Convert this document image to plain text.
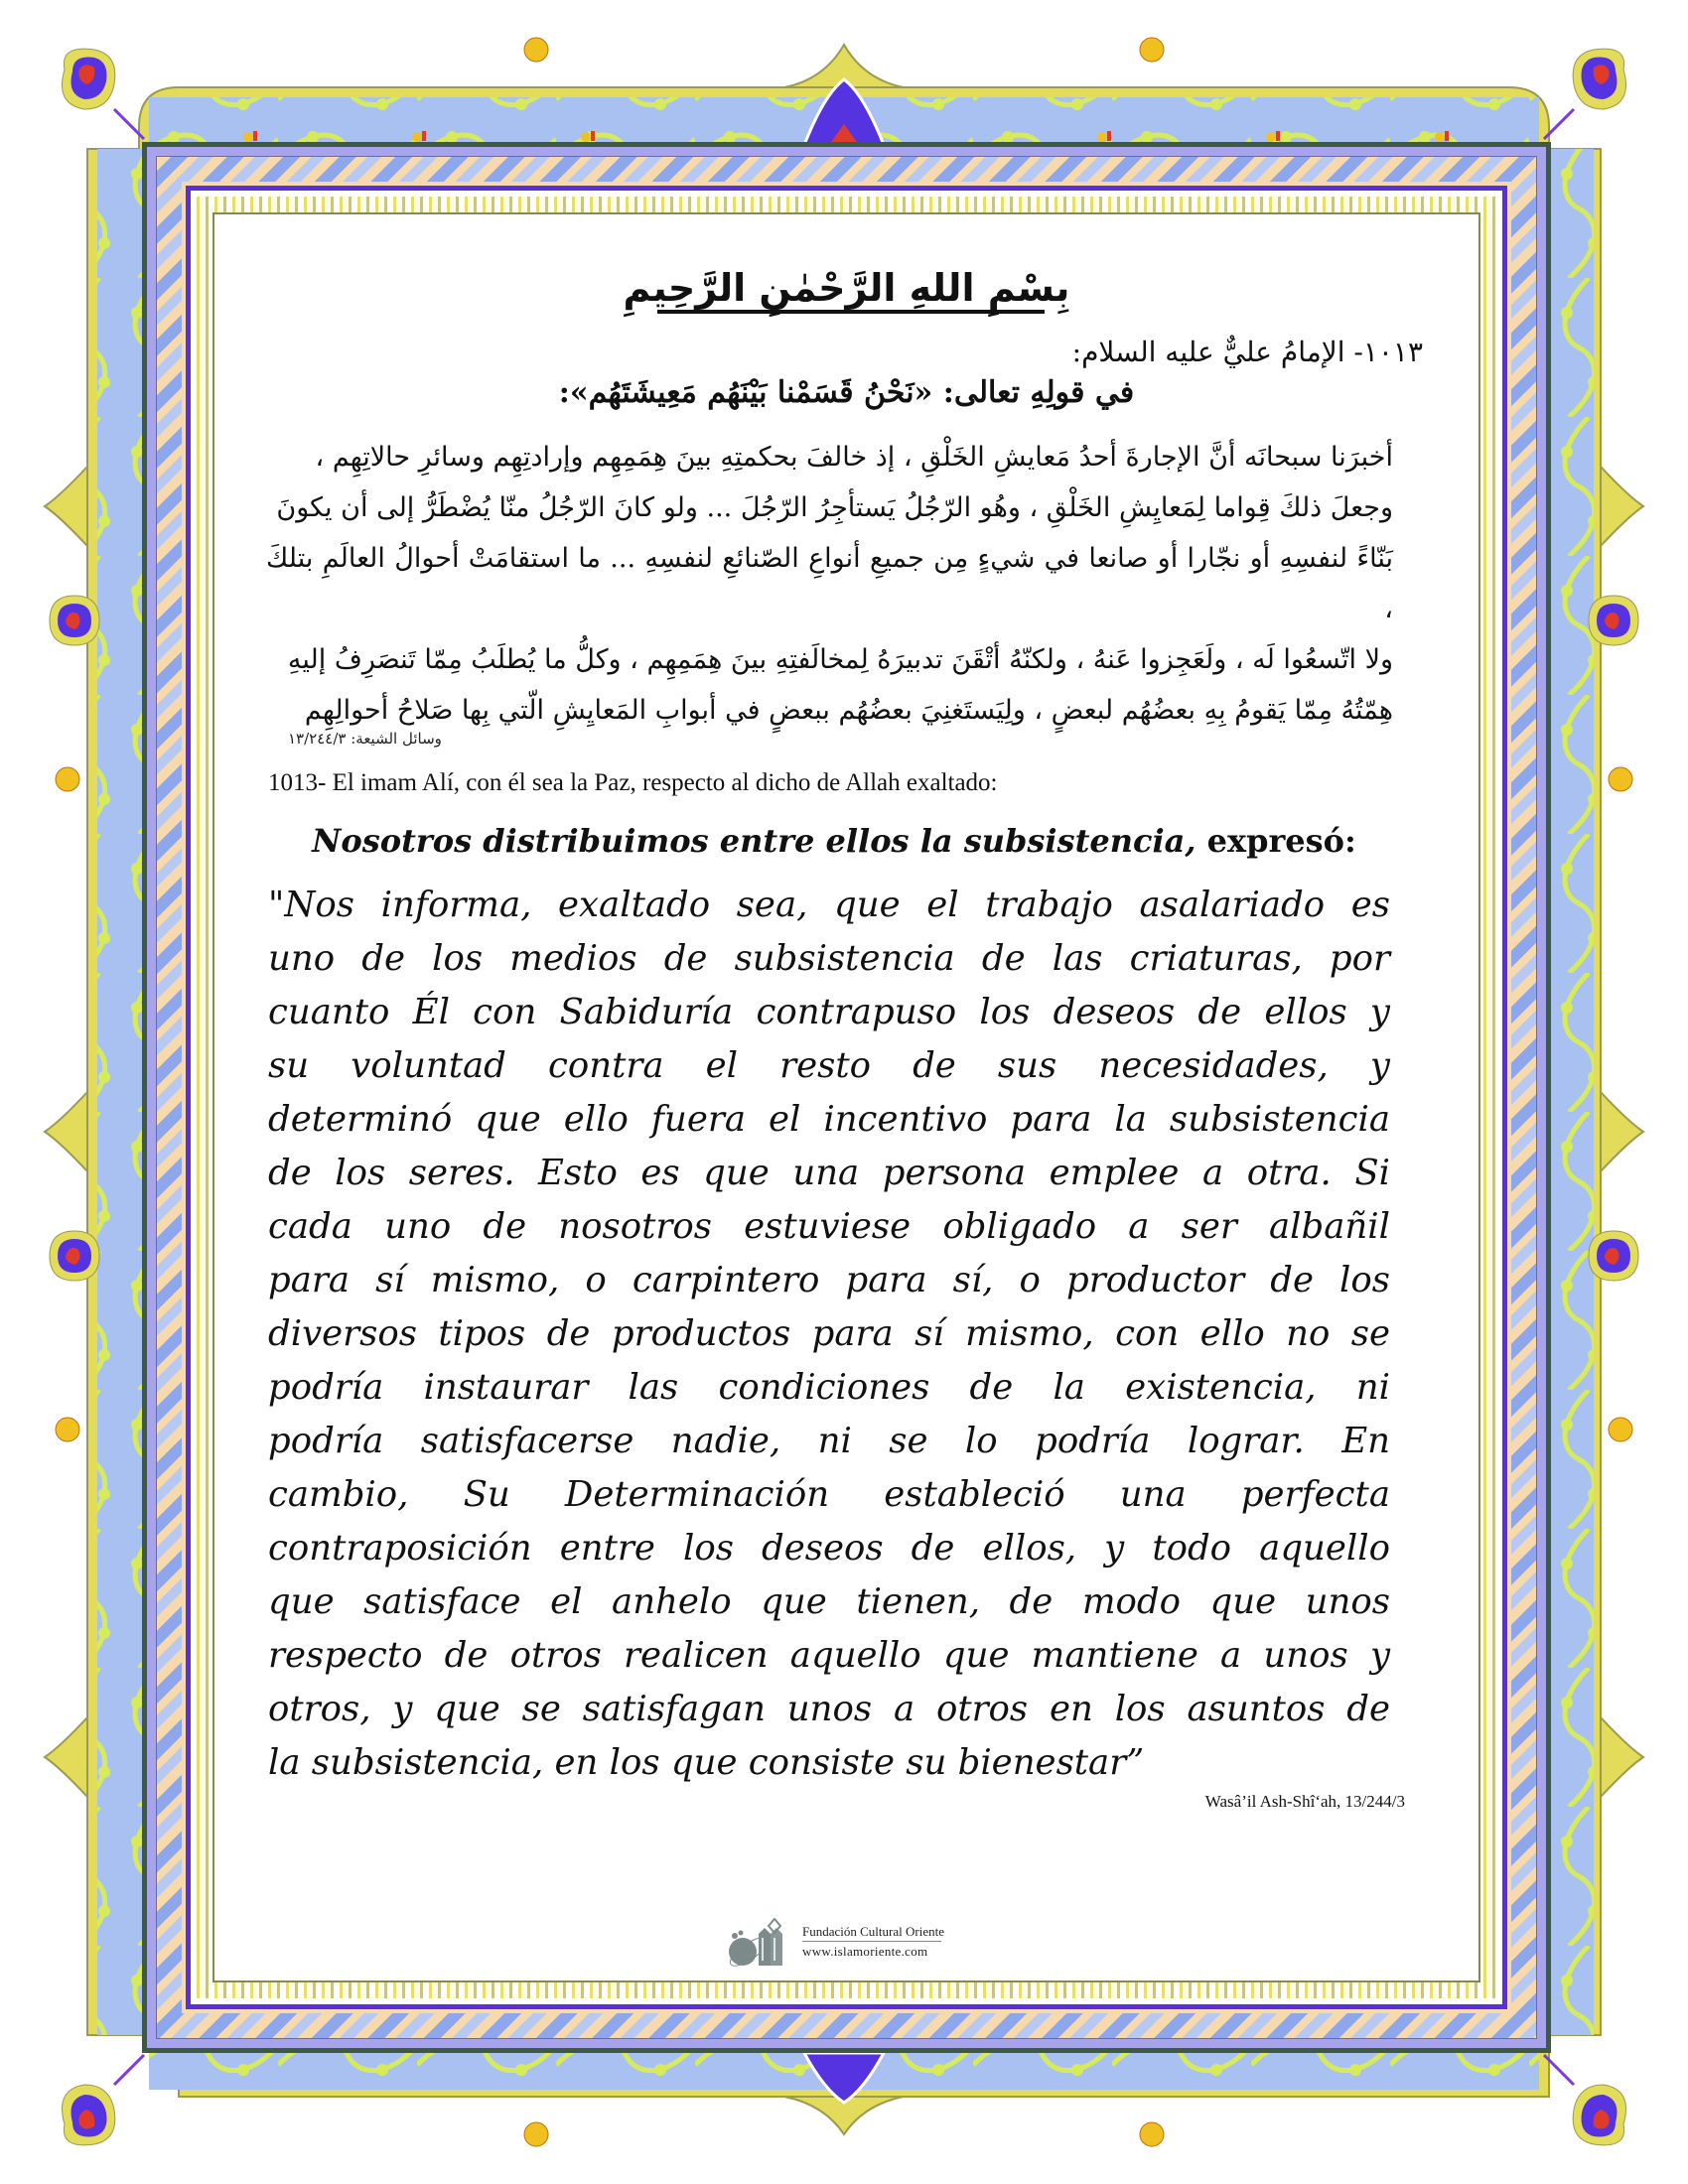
بِسْمِ اللهِ الرَّحْمٰنِ الرَّحِيمِ
١٠١٣- الإمامُ عليٌّ عليه السلام:
في قولِهِ تعالى: «نَحْنُ قَسَمْنا بَيْنَهُم مَعِيشَتَهُم»:

أخبرَنا سبحانَه أنَّ الإجارةَ أحدُ مَعايشِ الخَلْقِ ، إذ خالفَ بحكمتِهِ بينَ هِمَمِهِم وإرادتِهِم وسائرِ حالاتِهِم ،

وجعلَ ذلكَ قِواما لِمَعايِشِ الخَلْقِ ، وهُو الرّجُلُ يَستأجِرُ الرّجُلَ ... ولو كانَ الرّجُلُ منّا يُضْطَرُّ إلى أن يكونَ

بَنّاءً لنفسِهِ أو نجّارا أو صانعا في شيءٍ مِن جميعِ أنواعِ الصّنائعِ لنفسِهِ ... ما استقامَتْ أحوالُ العالَمِ بتلكَ ،

ولا اتّسعُوا لَه ، ولَعَجِزوا عَنهُ ، ولكنّهُ أتْقَنَ تدبيرَهُ لِمخالَفتِهِ بينَ هِمَمِهِم ، وكلُّ ما يُطلَبُ مِمّا تَنصَرِفُ إليهِ

هِمّتُهُ مِمّا يَقومُ بِهِ بعضُهُم لبعضٍ ، ولِيَستَغنِيَ بعضُهُم ببعضٍ في أبوابِ المَعايِشِ الّتي بِها صَلاحُ أحوالِهِم

وسائل الشيعة: ١٣/٢٤٤/٣
1013- El imam Alí, con él sea la Paz, respecto al dicho de Allah exaltado:
Nosotros distribuimos entre ellos la subsistencia, expresó:
"Nos informa, exaltado sea, que el trabajo asalariado es
uno de los medios de subsistencia de las criaturas, por
cuanto Él con Sabiduría contrapuso los deseos de ellos y
su voluntad contra el resto de sus necesidades, y
determinó que ello fuera el incentivo para la subsistencia
de los seres. Esto es que una persona emplee a otra. Si
cada uno de nosotros estuviese obligado a ser albañil
para sí mismo, o carpintero para sí, o productor de los
diversos tipos de productos para sí mismo, con ello no se
podría instaurar las condiciones de la existencia, ni
podría satisfacerse nadie, ni se lo podría lograr. En
cambio, Su Determinación estableció una perfecta
contraposición entre los deseos de ellos, y todo aquello
que satisface el anhelo que tienen, de modo que unos
respecto de otros realicen aquello que mantiene a unos y
otros, y que se satisfagan unos a otros en los asuntos de
la subsistencia, en los que consiste su bienestar”
Wasâ’il Ash-Shî‘ah, 13/244/3
Fundación Cultural Oriente
www.islamoriente.com
